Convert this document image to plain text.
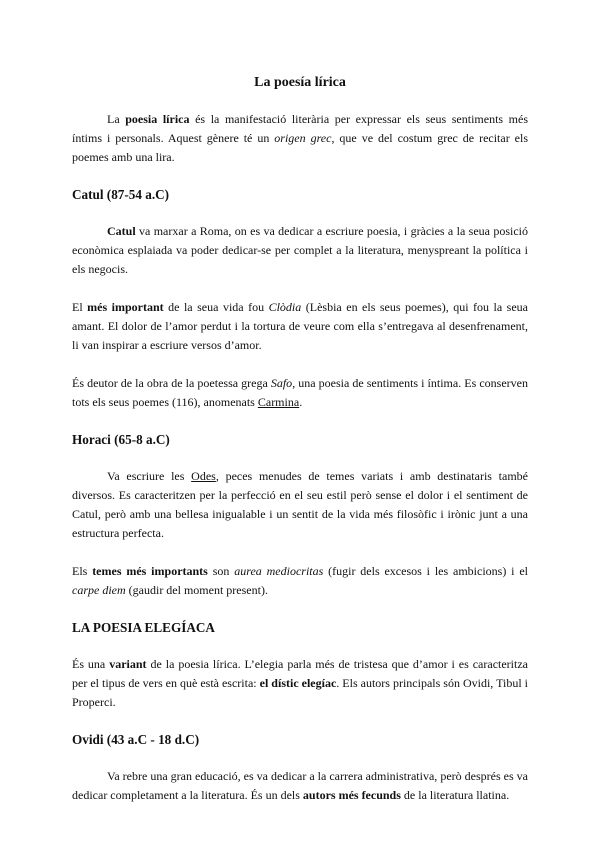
La poesía lírica

La poesia lírica és la manifestació literària per expressar els seus sentiments més íntims i personals. Aquest gènere té un origen grec, que ve del costum grec de recitar els poemes amb una lira.

Catul (87-54 a.C)

Catul va marxar a Roma, on es va dedicar a escriure poesia, i gràcies a la seua posició econòmica esplaiada va poder dedicar-se per complet a la literatura, menyspreant la política i els negocis.

El més important de la seua vida fou Clòdia (Lèsbia en els seus poemes), qui fou la seua amant. El dolor de l’amor perdut i la tortura de veure com ella s’entregava al desenfrenament, li van inspirar a escriure versos d’amor.

És deutor de la obra de la poetessa grega Safo, una poesia de sentiments i íntima. Es conserven tots els seus poemes (116), anomenats Carmina.

Horaci (65-8 a.C)

Va escriure les Odes, peces menudes de temes variats i amb destinataris també diversos. Es caracteritzen per la perfecció en el seu estil però sense el dolor i el sentiment de Catul, però amb una bellesa inigualable i un sentit de la vida més filosòfic i irònic junt a una estructura perfecta.

Els temes més importants son aurea mediocritas (fugir dels excesos i les ambicions) i el carpe diem (gaudir del moment present).

LA POESIA ELEGÍACA

És una variant de la poesia lírica. L’elegia parla més de tristesa que d’amor i es caracteritza per el tipus de vers en què està escrita: el dístic elegíac. Els autors principals són Ovidi, Tibul i Properci.

Ovidi (43 a.C - 18 d.C)

Va rebre una gran educació, es va dedicar a la carrera administrativa, però després es va dedicar completament a la literatura. És un dels autors més fecunds de la literatura llatina.
